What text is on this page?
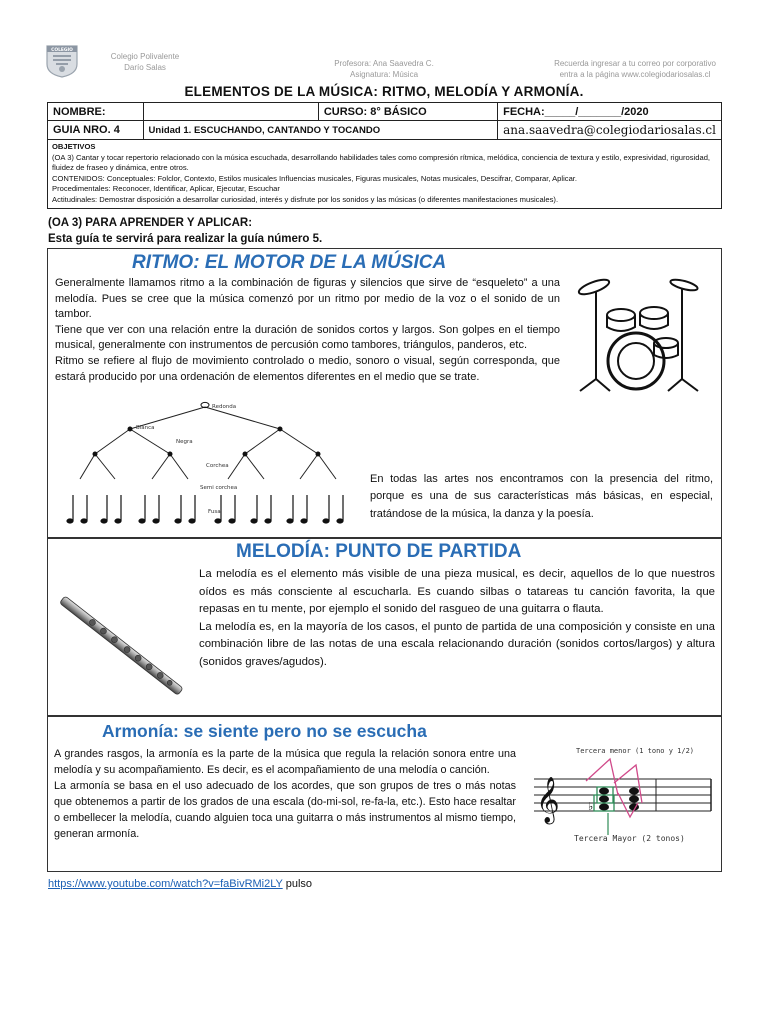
COLEGIO
Colegio Polivalente
Darío Salas	Profesora: Ana Saavedra C.
Asignatura: Música
Recuerda ingresar a tu correo por corporativo
entra a la página www.colegiodariosalas.cl
ELEMENTOS DE LA MÚSICA: RITMO, MELODÍA Y ARMONÍA.
NOMBRE:		CURSO: 8° BÁSICO	FECHA:_____/_______/2020
GUIA NRO. 4	Unidad 1. ESCUCHANDO, CANTANDO Y TOCANDO		ana.saavedra@colegiodariosalas.cl

OBJETIVOS
(OA 3) Cantar y tocar repertorio relacionado con la música escuchada, desarrollando habilidades tales como compresión rítmica, melódica, conciencia de textura y estilo, expresividad, rigurosidad, fluidez de fraseo y dinámica, entre otros.
CONTENIDOS: Conceptuales: Folclor, Contexto, Estilos musicales Influencias musicales, Figuras musicales, Notas musicales, Descifrar, Comparar, Aplicar.
Procedimentales: Reconocer, Identificar, Aplicar, Ejecutar, Escuchar
Actitudinales: Demostrar disposición a desarrollar curiosidad, interés y disfrute por los sonidos y las músicas (o diferentes manifestaciones musicales).			
(OA 3) PARA APRENDER Y APLICAR:
Esta guía te servirá para realizar la guía número 5.
RITMO: EL MOTOR DE LA MÚSICA
Generalmente llamamos ritmo a la combinación de figuras y silencios que sirve de “esqueleto” a una melodía. Pues se cree que la música comenzó por un ritmo por medio de la voz o el sonido de un tambor.
Tiene que ver con una relación entre la duración de sonidos cortos y largos. Son golpes en el tiempo musical, generalmente con instrumentos de percusión como tambores, triángulos, panderos, etc.
Ritmo se refiere al flujo de movimiento controlado o medio, sonoro o visual, según corresponda, que estará producido por una ordenación de elementos diferentes en el medio que se trate.
Redonda
Blanca
Negra
Corchea
Semi corchea
Fusa
En todas las artes nos encontramos con la presencia del ritmo, porque es una de sus características más básicas, en especial, tratándose de la música, la danza y la poesía.
MELODÍA: PUNTO DE PARTIDA
La melodía es el elemento más visible de una pieza musical, es decir, aquellos de lo que nuestros oídos es más consciente al escucharla. Es cuando silbas o tatareas tu canción favorita, la que repasas en tu mente, por ejemplo el sonido del rasgueo de una guitarra o flauta.
La melodía es, en la mayoría de los casos, el punto de partida de una composición y consiste en una combinación libre de las notas de una escala relacionando duración (sonidos cortos/largos) y altura (sonidos graves/agudos).
Armonía: se siente pero no se escucha
A grandes rasgos, la armonía es la parte de la música que regula la relación sonora entre una melodía y su acompañamiento. Es decir, es el acompañamiento de una melodía o canción.
La armonía se basa en el uso adecuado de los acordes, que son grupos de tres o más notas que obtenemos a partir de los grados de una escala (do-mi-sol, re-fa-la, etc.). Esto hace resaltar o embellecer la melodía, cuando alguien toca una guitarra o más instrumentos al mismo tiempo, generan armonía.
Tercera menor (1 tono y 1/2)
𝄞	♭
Tercera Mayor (2 tonos)
https://www.youtube.com/watch?v=faBivRMi2LY pulso
